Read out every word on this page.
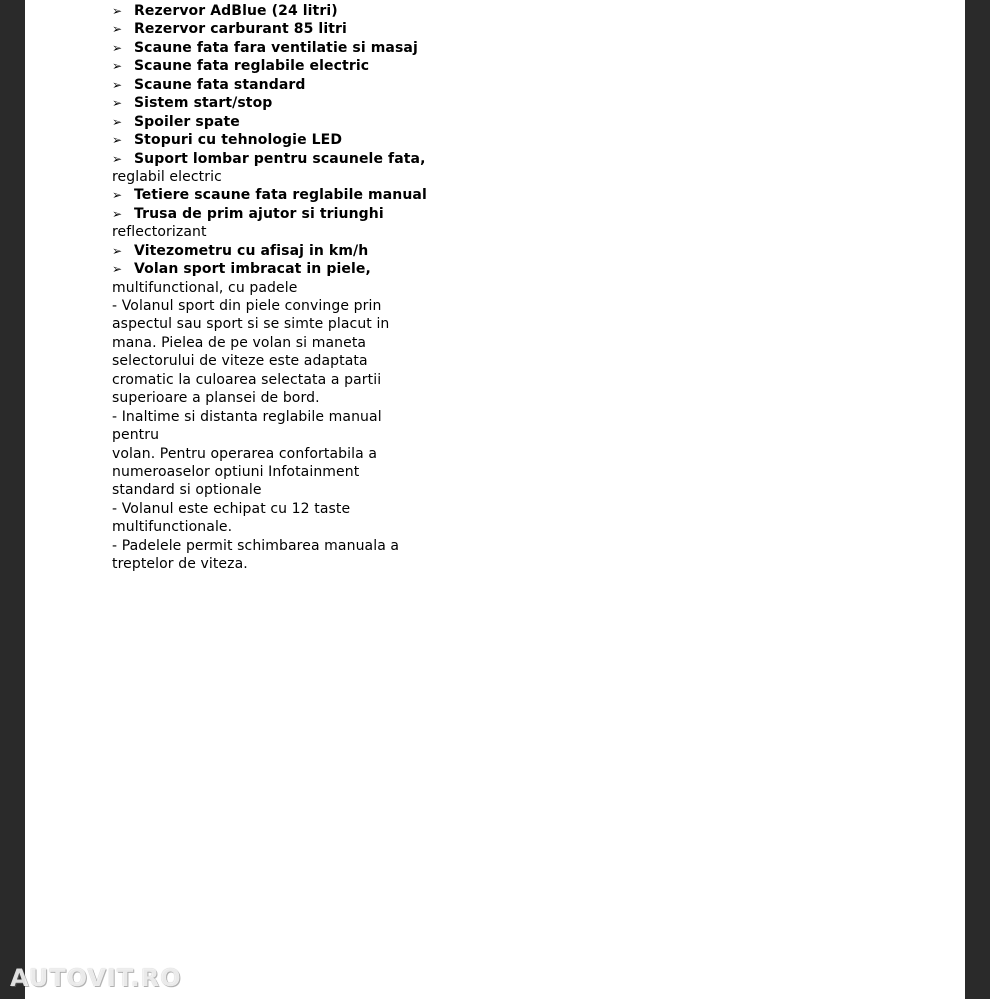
➢ Rezervor AdBlue (24 litri)
➢ Rezervor carburant 85 litri
➢ Scaune fata fara ventilatie si masaj
➢ Scaune fata reglabile electric
➢ Scaune fata standard
➢ Sistem start/stop
➢ Spoiler spate
➢ Stopuri cu tehnologie LED
➢ Suport lombar pentru scaunele fata,
reglabil electric
➢ Tetiere scaune fata reglabile manual
➢ Trusa de prim ajutor si triunghi
reflectorizant
➢ Vitezometru cu afisaj in km/h
➢ Volan sport imbracat in piele,
multifunctional, cu padele
- Volanul sport din piele convinge prin
aspectul sau sport si se simte placut in
mana. Pielea de pe volan si maneta
selectorului de viteze este adaptata
cromatic la culoarea selectata a partii
superioare a plansei de bord.
- Inaltime si distanta reglabile manual
pentru
volan. Pentru operarea confortabila a
numeroaselor optiuni Infotainment
standard si optionale
- Volanul este echipat cu 12 taste
multifunctionale.
- Padelele permit schimbarea manuala a
treptelor de viteza.
AUTOVIT.RO
